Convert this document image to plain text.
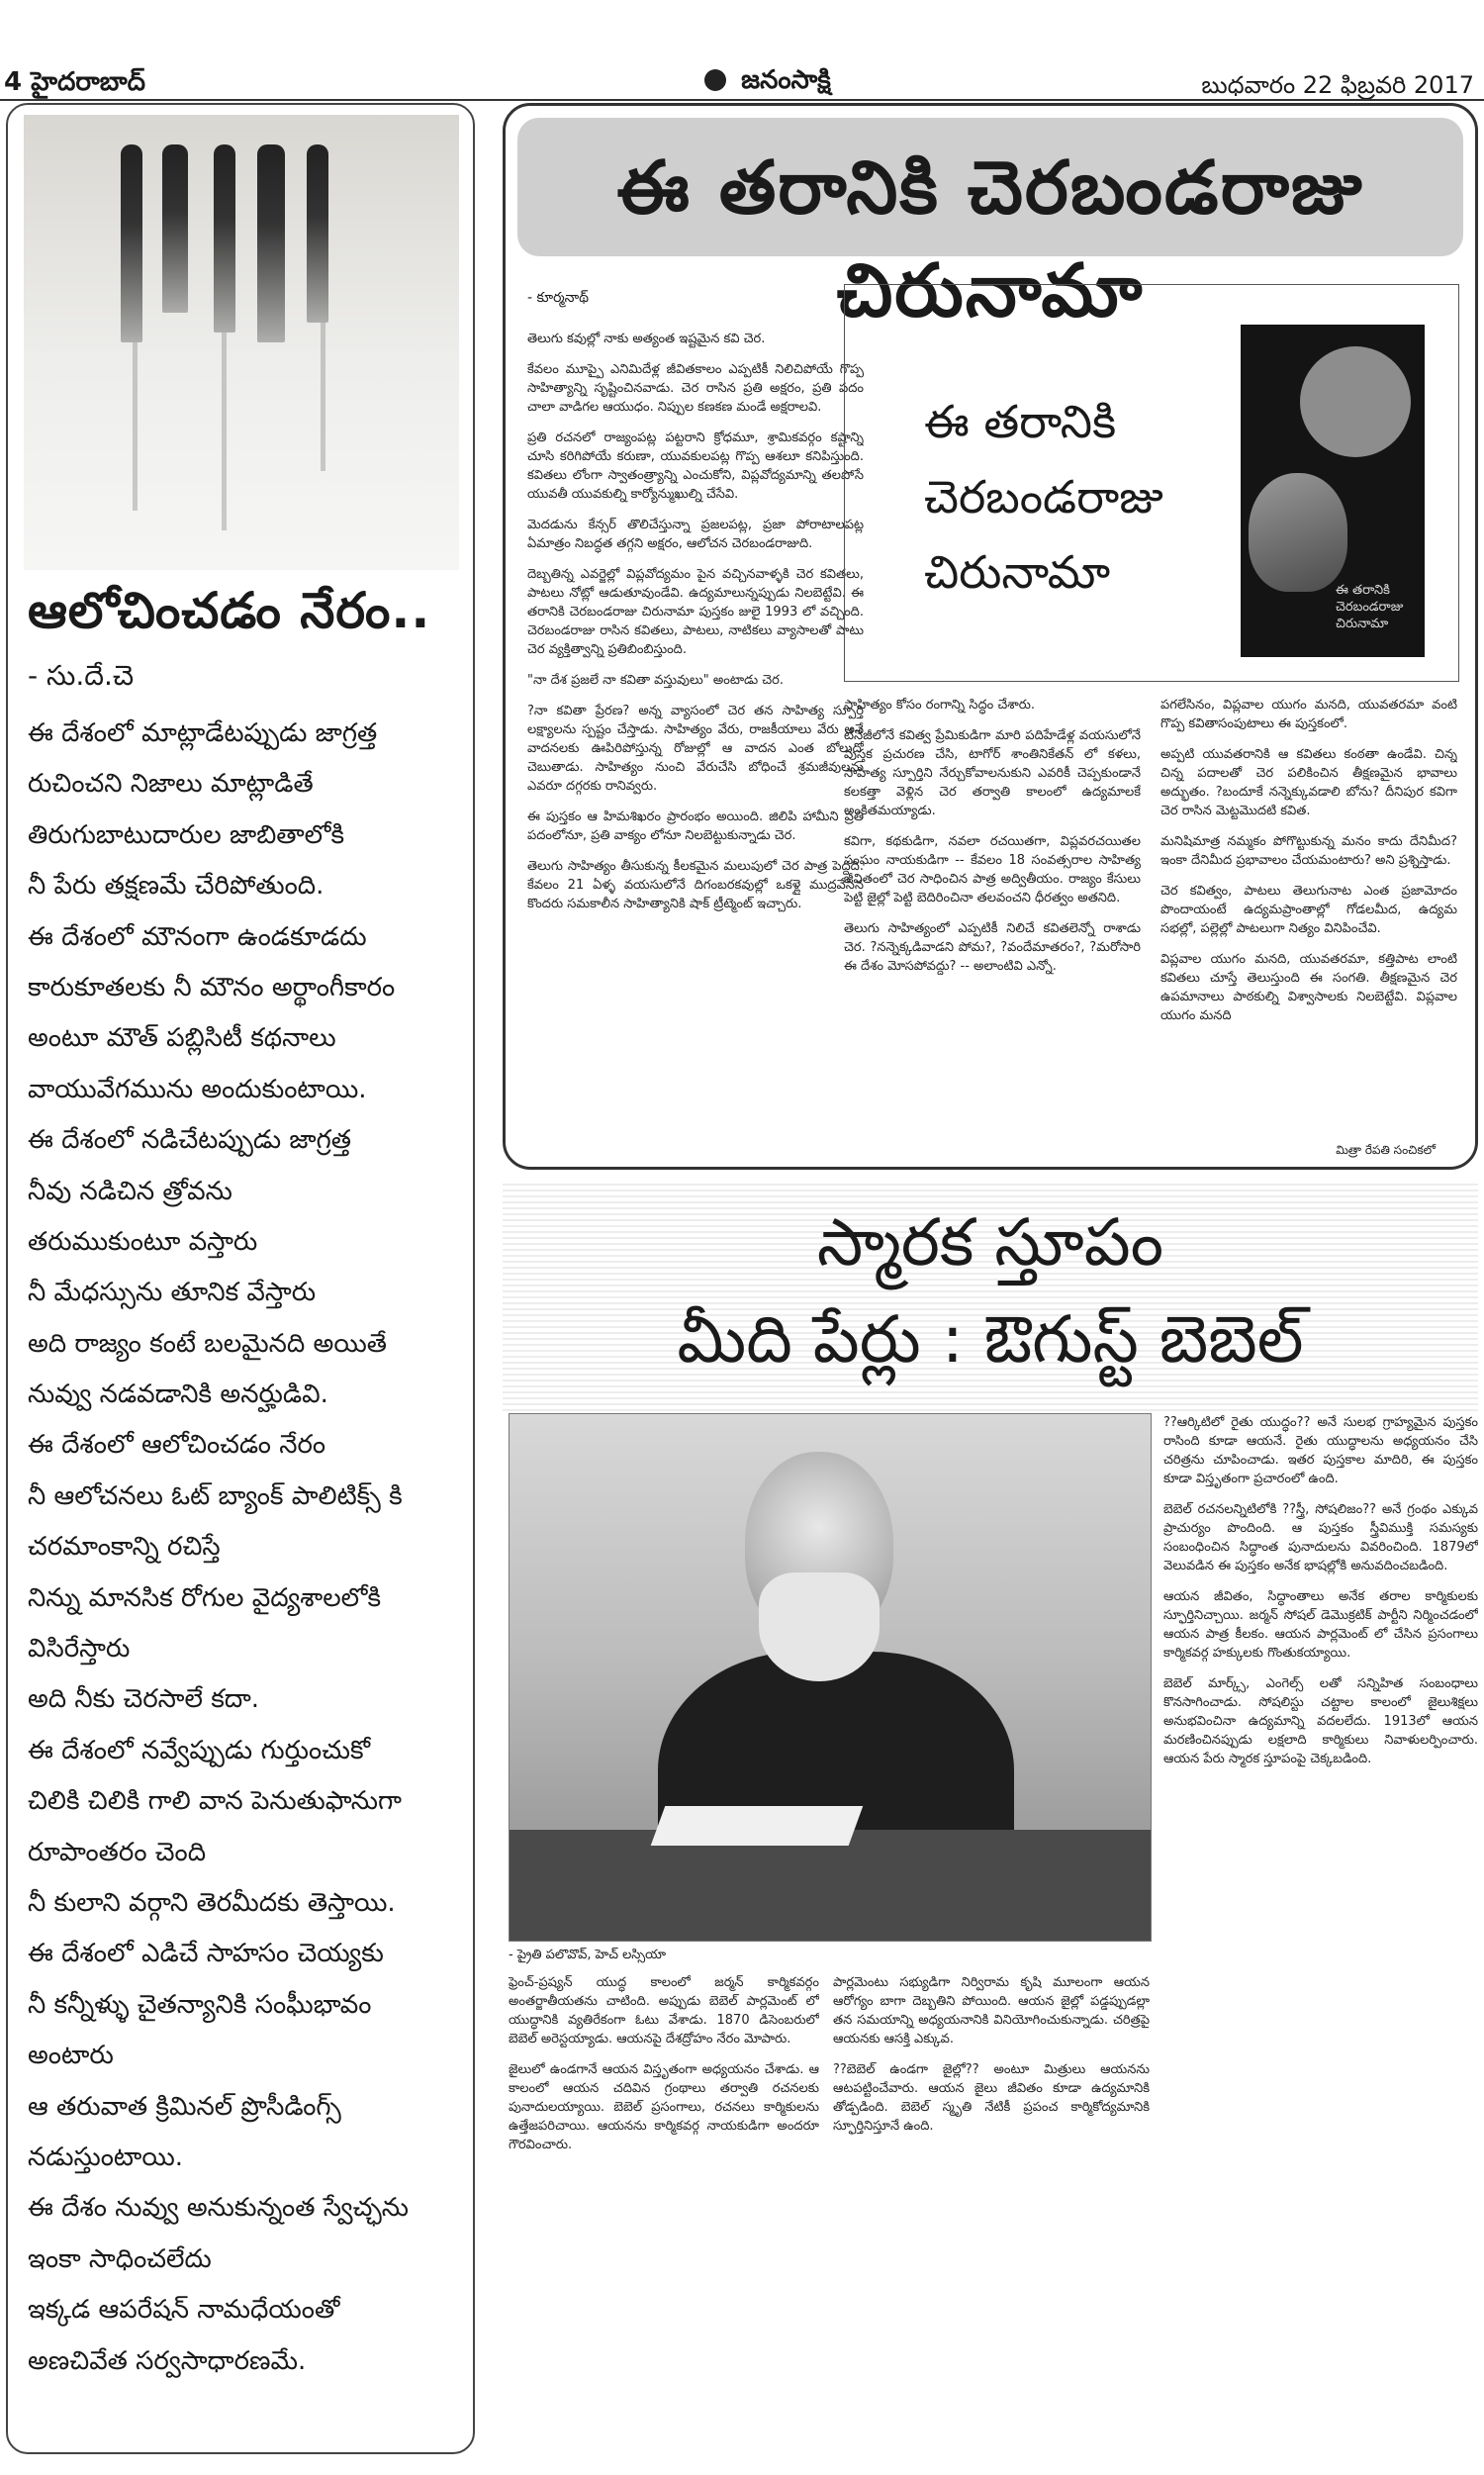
4 హైదరాబాద్	జనంసాక్షి	బుధవారం 22 ఫిబ్రవరి 2017
ఆలోచించడం నేరం..

- సు.దే.చె

ఈ దేశంలో మాట్లాడేటప్పుడు జాగ్రత్త
రుచించని నిజాలు మాట్లాడితే
తిరుగుబాటుదారుల జాబితాలోకి
నీ పేరు తక్షణమే చేరిపోతుంది.
ఈ దేశంలో మౌనంగా ఉండకూడదు
కారుకూతలకు నీ మౌనం అర్థాంగీకారం
అంటూ మౌత్ పబ్లిసిటీ కథనాలు
వాయువేగమును అందుకుంటాయి.
ఈ దేశంలో నడిచేటప్పుడు జాగ్రత్త
నీవు నడిచిన త్రోవను
తరుముకుంటూ వస్తారు
నీ మేధస్సును తూనిక వేస్తారు
అది రాజ్యం కంటే బలమైనది అయితే
నువ్వు నడవడానికి అనర్హుడివి.
ఈ దేశంలో ఆలోచించడం నేరం
నీ ఆలోచనలు ఓట్ బ్యాంక్ పాలిటిక్స్ కి
చరమాంకాన్ని రచిస్తే
నిన్ను మానసిక రోగుల వైద్యశాలలోకి
విసిరేస్తారు
అది నీకు చెరసాలే కదా.
ఈ దేశంలో నవ్వేప్పుడు గుర్తుంచుకో
చిలికి చిలికి గాలి వాన పెనుతుఫానుగా
రూపాంతరం చెంది
నీ కులాని వర్గాని తెరమీదకు తెస్తాయి.
ఈ దేశంలో ఎడిచే సాహసం చెయ్యకు
నీ కన్నీళ్ళు చైతన్యానికి సంఘీభావం
అంటారు
ఆ తరువాత క్రిమినల్ ప్రొసీడింగ్స్
నడుస్తుంటాయి.
ఈ దేశం నువ్వు అనుకున్నంత స్వేచ్ఛను
ఇంకా సాధించలేదు
ఇక్కడ ఆపరేషన్ నామధేయంతో
అణచివేత సర్వసాధారణమే.
ఈ తరానికి చెరబండరాజు చిరునామా

- కూర్మనాథ్

తెలుగు కవుల్లో నాకు అత్యంత ఇష్టమైన కవి చెర.

కేవలం మూప్పై ఎనిమిదేళ్ల జీవితకాలం ఎప్పటికీ నిలిచిపోయే గొప్ప సాహిత్యాన్ని సృష్టించినవాడు. చెర రాసిన ప్రతి అక్షరం, ప్రతి పదం చాలా వాడిగల ఆయుధం. నిప్పుల కణకణ మండే అక్షరాలవి.

ప్రతి రచనలో రాజ్యంపట్ల పట్టరాని క్రోధమూ, శ్రామికవర్గం కష్టాన్ని చూసి కరిగిపోయే కరుణా, యువకులపట్ల గొప్ప ఆశలూ కనిపిస్తుంది. కవితలు లోంగా స్వాతంత్ర్యాన్ని ఎంచుకోని, విప్లవోద్యమాన్ని తలపోసే యువతీ యువకుల్ని కార్యోన్ముఖుల్ని చేసేవి.

మెదడును కేన్సర్ తొలిచేస్తున్నా ప్రజలపట్ల, ప్రజా పోరాటాలపట్ల ఏమాత్రం నిబద్ధత తగ్గని అక్షరం, ఆలోచన చెరబండరాజుది.

దెబ్బతిన్న ఎవర్జెల్లో విప్లవోద్యమం పైన వచ్చినవాళ్ళకి చెర కవితలు, పాటలు నోట్లో ఆడుతూవుండేవి. ఉద్యమాలున్నప్పుడు నిలబెట్టేవి. ఈ తరానికి చెరబండరాజు చిరునామా పుస్తకం జులై 1993 లో వచ్చింది. చెరబండరాజు రాసిన కవితలు, పాటలు, నాటికలు వ్యాసాలతో పాటు చెర వ్యక్తిత్వాన్ని ప్రతిబింబిస్తుంది.

"నా దేశ ప్రజలే నా కవితా వస్తువులు" అంటాడు చెర.

?నా కవితా ప్రేరణ? అన్న వ్యాసంలో చెర తన సాహిత్య స్పూర్తి లక్ష్యాలను స్పష్టం చేస్తాడు. సాహిత్యం వేరు, రాజకీయాలు వేరు అనే వాదనలకు ఊపిరిపోస్తున్న రోజుల్లో ఆ వాదన ఎంత బోలుదో చెబుతాడు. సాహిత్యం నుంచి వేరుచేసి బోధించే శ్రమజీవులను ఎవరూ దగ్గరకు రానివ్వరు.

ఈ పుస్తకం ఆ హిమశిఖరం ప్రారంభం అయింది. జిలిపి హామీని ప్రతి పదంలోనూ, ప్రతి వాక్యం లోనూ నిలబెట్టుకున్నాడు చెర.

తెలుగు సాహిత్యం తీసుకున్న కీలకమైన మలుపులో చెర పాత్ర పెద్దది. కేవలం 21 ఏళ్ళ వయసులోనే దిగంబరకవుల్లో ఒకళ్లై ముద్రవేసిన కొందరు సమకాలీన సాహిత్యానికి షాక్ ట్రీట్మెంట్ ఇచ్చారు.

ఈ తరానికి
చెరబండరాజు
చిరునామా	ఈ తరానికి చెరబండరాజు చిరునామా

సాహిత్యం కోసం రంగాన్ని సిద్ధం చేశారు.

టీనేజీలోనే కవిత్వ ప్రేమికుడిగా మారి పదిహేడేళ్ల వయసులోనే పుస్తక ప్రచురణ చేసి, టాగోర్ శాంతినికేతన్ లో కళలు, సాహిత్య స్పూర్తిని నేర్చుకోవాలనుకుని ఎవరికీ చెప్పకుండానే కలకత్తా వెళ్లిన చెర తర్వాతి కాలంలో ఉద్యమాలకే అంకితమయ్యాడు.

కవిగా, కథకుడిగా, నవలా రచయితగా, విప్లవరచయితల సంఘం నాయకుడిగా -- కేవలం 18 సంవత్సరాల సాహిత్య జీవితంలో చెర సాధించిన పాత్ర అద్వితీయం. రాజ్యం కేసులు పెట్టి జైల్లో పెట్టి బెదిరించినా తలవంచని ధీరత్వం అతనిది.

తెలుగు సాహిత్యంలో ఎప్పటికీ నిలిచే కవితలెన్నో రాశాడు చెర. ?నన్నెక్కడివాడని పోమ?, ?వందేమాతరం?, ?మరోసారి ఈ దేశం మోసపోవద్దు? -- అలాంటివి ఎన్నో.

పగలేసినం, విప్లవాల యుగం మనది, యువతరమా వంటి గొప్ప కవితాసంపుటాలు ఈ పుస్తకంలో.

అప్పటి యువతరానికి ఆ కవితలు కంఠతా ఉండేవి. చిన్న చిన్న పదాలతో చెర పలికించిన తీక్షణమైన భావాలు అద్భుతం. ?బందూకే నన్నెక్కువడాలి బోను? దీనిపుర కవిగా చెర రాసిన మెట్టమొదటి కవిత.

మనిషిమాత్ర నమ్మకం పోగొట్టుకున్న మనం కాదు దేనిమీద? ఇంకా దేనిమీద ప్రభావాలం చేయమంటారు? అని ప్రశ్నిస్తాడు.

చెర కవిత్వం, పాటలు తెలుగునాట ఎంత ప్రజామోదం పొందాయంటే ఉద్యమప్రాంతాల్లో గోడలమీద, ఉద్యమ సభల్లో, పల్లెల్లో పాటలుగా నిత్యం వినిపించేవి.

విప్లవాల యుగం మనది, యువతరమా, కత్తిపాట లాంటి కవితలు చూస్తే తెలుస్తుంది ఈ సంగతి. తీక్షణమైన చెర ఉపమానాలు పాఠకుల్ని విశ్వాసాలకు నిలబెట్టేవి. విప్లవాల యుగం మనది

మిత్రా రేపతి సంచికలో

స్మారక స్తూపం
మీది పేర్లు : ఔగుస్ట్ బెబెల్

??ఆర్కిటిలో రైతు యుద్ధం?? అనే సులభ గ్రాహ్యమైన పుస్తకం రాసింది కూడా ఆయనే. రైతు యుద్ధాలను అధ్యయనం చేసి చరిత్రను చూపించాడు. ఇతర పుస్తకాల మాదిరి, ఈ పుస్తకం కూడా విస్తృతంగా ప్రచారంలో ఉంది.

బెబెల్ రచనలన్నిటిలోకి ??స్త్రీ, సోషలిజం?? అనే గ్రంథం ఎక్కువ ప్రాచుర్యం పొందింది. ఆ పుస్తకం స్త్రీవిముక్తి సమస్యకు సంబంధించిన సిద్ధాంత పునాదులను వివరించింది. 1879లో వెలువడిన ఈ పుస్తకం అనేక భాషల్లోకి అనువదించబడింది.

ఆయన జీవితం, సిద్ధాంతాలు అనేక తరాల కార్మికులకు స్ఫూర్తినిచ్చాయి. జర్మన్ సోషల్ డెమొక్రటిక్ పార్టీని నిర్మించడంలో ఆయన పాత్ర కీలకం. ఆయన పార్లమెంట్ లో చేసిన ప్రసంగాలు కార్మికవర్గ హక్కులకు గొంతుకయ్యాయి.

బెబెల్ మార్క్స్, ఎంగెల్స్ లతో సన్నిహిత సంబంధాలు కొనసాగించాడు. సోషలిస్టు చట్టాల కాలంలో జైలుశిక్షలు అనుభవించినా ఉద్యమాన్ని వదలలేదు. 1913లో ఆయన మరణించినప్పుడు లక్షలాది కార్మికులు నివాళులర్పించారు. ఆయన పేరు స్మారక స్తూపంపై చెక్కబడింది.

- ప్రైతి పలొవొవ్, హెచ్ లస్సియా

ఫ్రెంచ్-ప్రష్యన్ యుద్ధ కాలంలో జర్మన్ కార్మికవర్గం అంతర్జాతీయతను చాటింది. అప్పుడు బెబెల్ పార్లమెంట్ లో యుద్ధానికి వ్యతిరేకంగా ఓటు వేశాడు. 1870 డిసెంబరులో బెబెల్ అరెస్టయ్యాడు. ఆయనపై దేశద్రోహం నేరం మోపారు.

జైలులో ఉండగానే ఆయన విస్తృతంగా అధ్యయనం చేశాడు. ఆ కాలంలో ఆయన చదివిన గ్రంథాలు తర్వాతి రచనలకు పునాదులయ్యాయి. బెబెల్ ప్రసంగాలు, రచనలు కార్మికులను ఉత్తేజపరిచాయి. ఆయనను కార్మికవర్గ నాయకుడిగా అందరూ గౌరవించారు.

పార్లమెంటు సభ్యుడిగా నిర్విరామ కృషి మూలంగా ఆయన ఆరోగ్యం బాగా దెబ్బతిని పోయింది. ఆయన జైల్లో పడ్డప్పుడల్లా తన సమయాన్ని అధ్యయనానికి వినియోగించుకున్నాడు. చరిత్రపై ఆయనకు ఆసక్తి ఎక్కువ.

??బెబెల్ ఉండగా జైల్లో?? అంటూ మిత్రులు ఆయనను ఆటపట్టించేవారు. ఆయన జైలు జీవితం కూడా ఉద్యమానికి తోడ్పడింది. బెబెల్ స్మృతి నేటికీ ప్రపంచ కార్మికోద్యమానికి స్ఫూర్తినిస్తూనే ఉంది.
